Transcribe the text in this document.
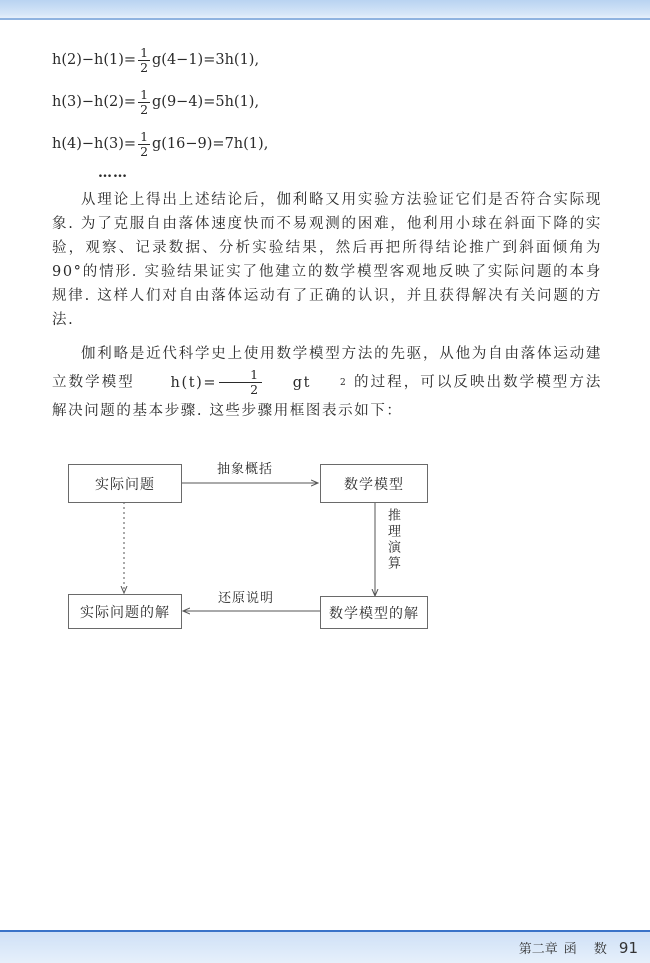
$h(2)-h(1)= \frac{1}{2} g(4-1)=3h(1)$,
$h(3)-h(2)= \frac{1}{2} g(9-4)=5h(1)$,
$h(4)-h(3)= \frac{1}{2} g(16-9)=7h(1)$,
……

从理论上得出上述结论后，伽利略又用实验方法验证它们是否符合实际现象. 为了克服自由落体速度快而不易观测的困难，他利用小球在斜面下降的实验，观察、记录数据、分析实验结果，然后再把所得结论推广到斜面倾角为 90°的情形. 实验结果证实了他建立的数学模型客观地反映了实际问题的本身规律. 这样人们对自由落体运动有了正确的认识，并且获得解决有关问题的方法.

伽利略是近代科学史上使用数学模型方法的先驱，从他为自由落体运动建立数学模型	$h(t)= \frac{1}{2}$	gt	2 的过程，可以反映出数学模型方法解决问题的基本步骤. 这些步骤用框图表示如下：

实际问题	数学模型
实际问题的解	数学模型的解
抽象概括
推理演算
还原说明
第二章 函　 数 91
